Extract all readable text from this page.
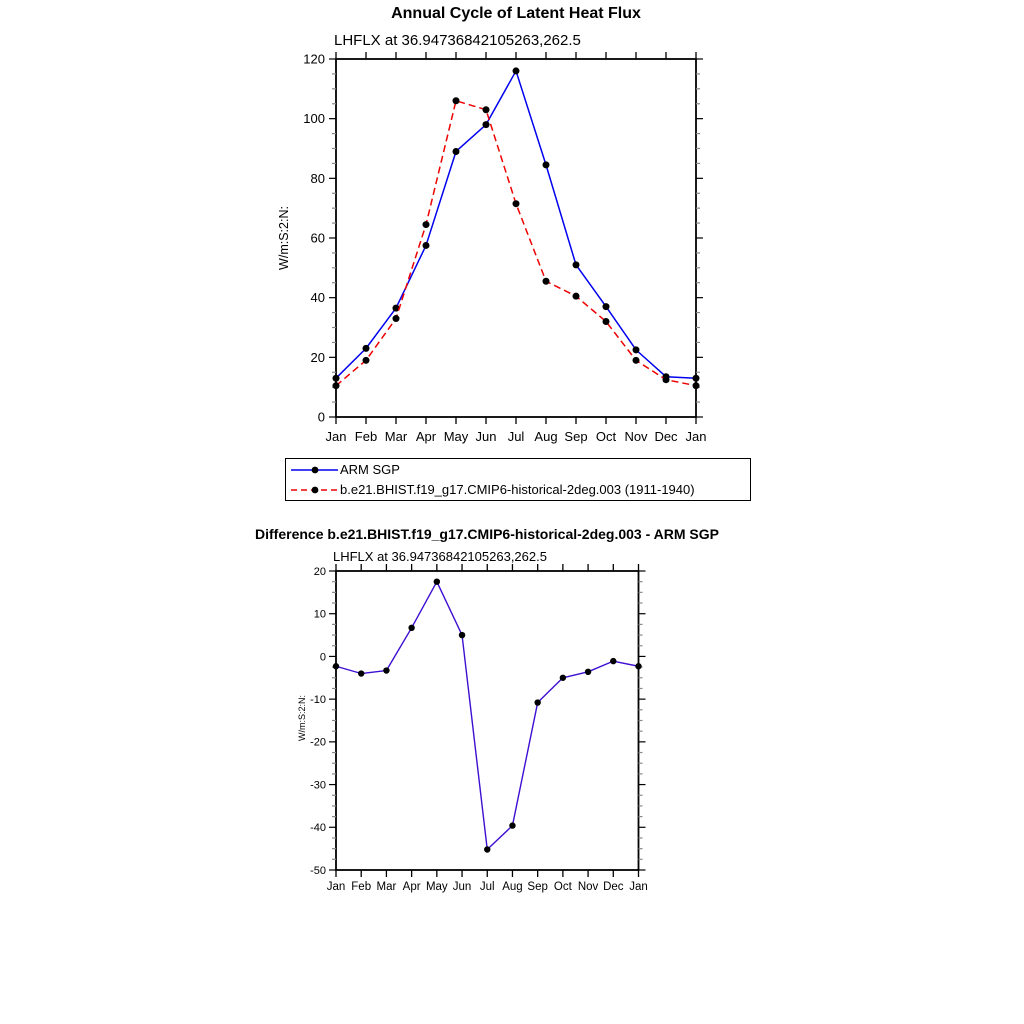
Jan Feb Mar Apr May Jun Jul Aug Sep Oct Nov Dec Jan
0
20
40
60
80
100
120
Jan Feb Mar Apr May Jun Jul Aug Sep Oct Nov Dec Jan
-50
-40
-30
-20
-10
0
10
20
Annual Cycle of Latent Heat Flux
LHFLX at 36.94736842105263,262.5
W/m:S:2:N:
ARM SGP
b.e21.BHIST.f19_g17.CMIP6-historical-2deg.003 (1911-1940)
Difference b.e21.BHIST.f19_g17.CMIP6-historical-2deg.003 - ARM SGP
LHFLX at 36.94736842105263,262.5
W/m:S:2:N:
